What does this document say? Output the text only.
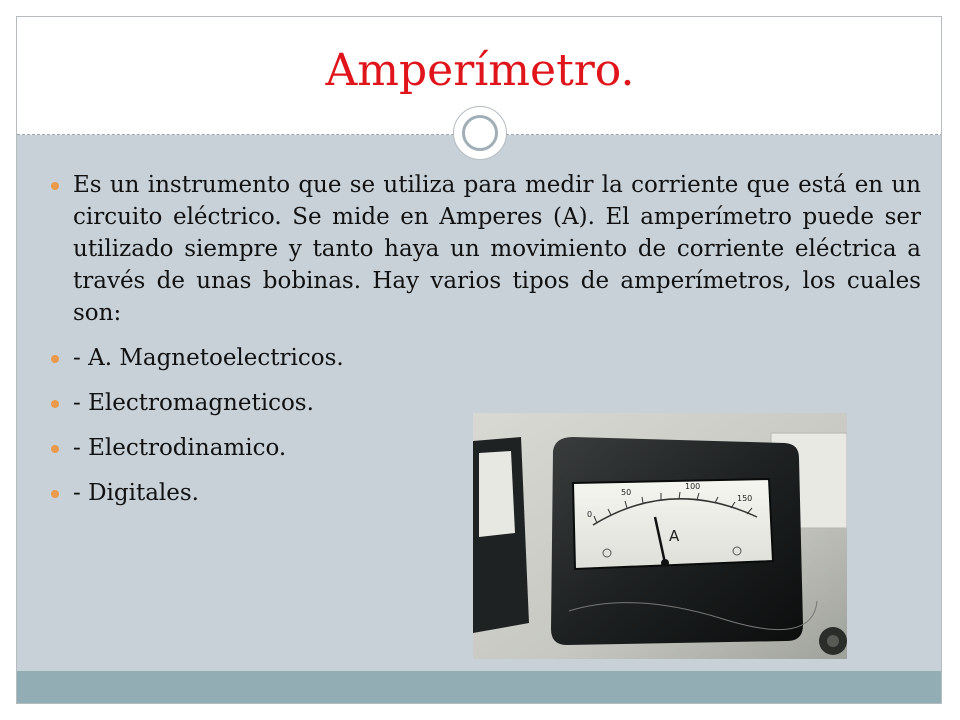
Amperímetro.
Es un instrumento que se utiliza para medir la corriente que está en un circuito eléctrico. Se mide en Amperes (A). El amperímetro puede ser utilizado siempre y tanto haya un movimiento de corriente eléctrica a través de unas bobinas. Hay varios tipos de amperímetros, los cuales son:
- A. Magnetoelectricos.
- Electromagneticos.
- Electrodinamico.
- Digitales.
0
50
100
150
A
